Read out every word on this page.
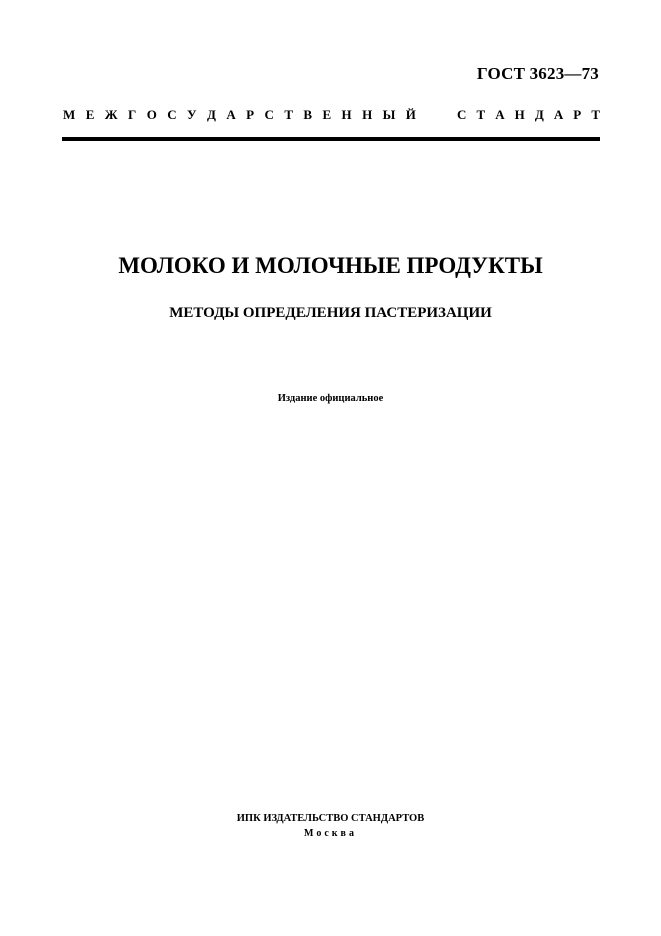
ГОСТ 3623—73
М Е Ж Г О С У Д А Р С Т В Е Н Н Ы Й	С Т А Н Д А Р Т
МОЛОКО И МОЛОЧНЫЕ ПРОДУКТЫ
МЕТОДЫ ОПРЕДЕЛЕНИЯ ПАСТЕРИЗАЦИИ
Издание официальное
ИПК ИЗДАТЕЛЬСТВО СТАНДАРТОВ
Москва
